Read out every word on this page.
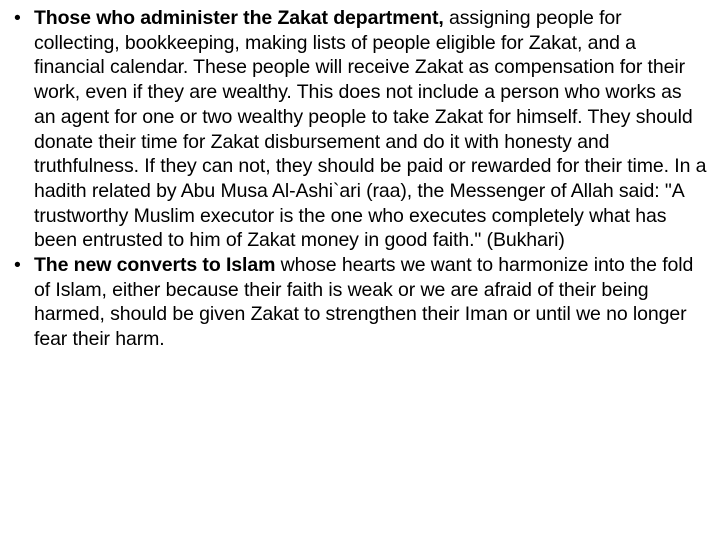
• Those who administer the Zakat department, assigning people for collecting, bookkeeping, making lists of people eligible for Zakat, and a financial calendar. These people will receive Zakat as compensation for their work, even if they are wealthy. This does not include a person who works as an agent for one or two wealthy people to take Zakat for himself. They should donate their time for Zakat disbursement and do it with honesty and truthfulness. If they can not, they should be paid or rewarded for their time. In a hadith related by Abu Musa Al-Ashi`ari (raa), the Messenger of Allah said: "A trustworthy Muslim executor is the one who executes completely what has been entrusted to him of Zakat money in good faith." (Bukhari)
• The new converts to Islam whose hearts we want to harmonize into the fold of Islam, either because their faith is weak or we are afraid of their being harmed, should be given Zakat to strengthen their Iman or until we no longer fear their harm.
